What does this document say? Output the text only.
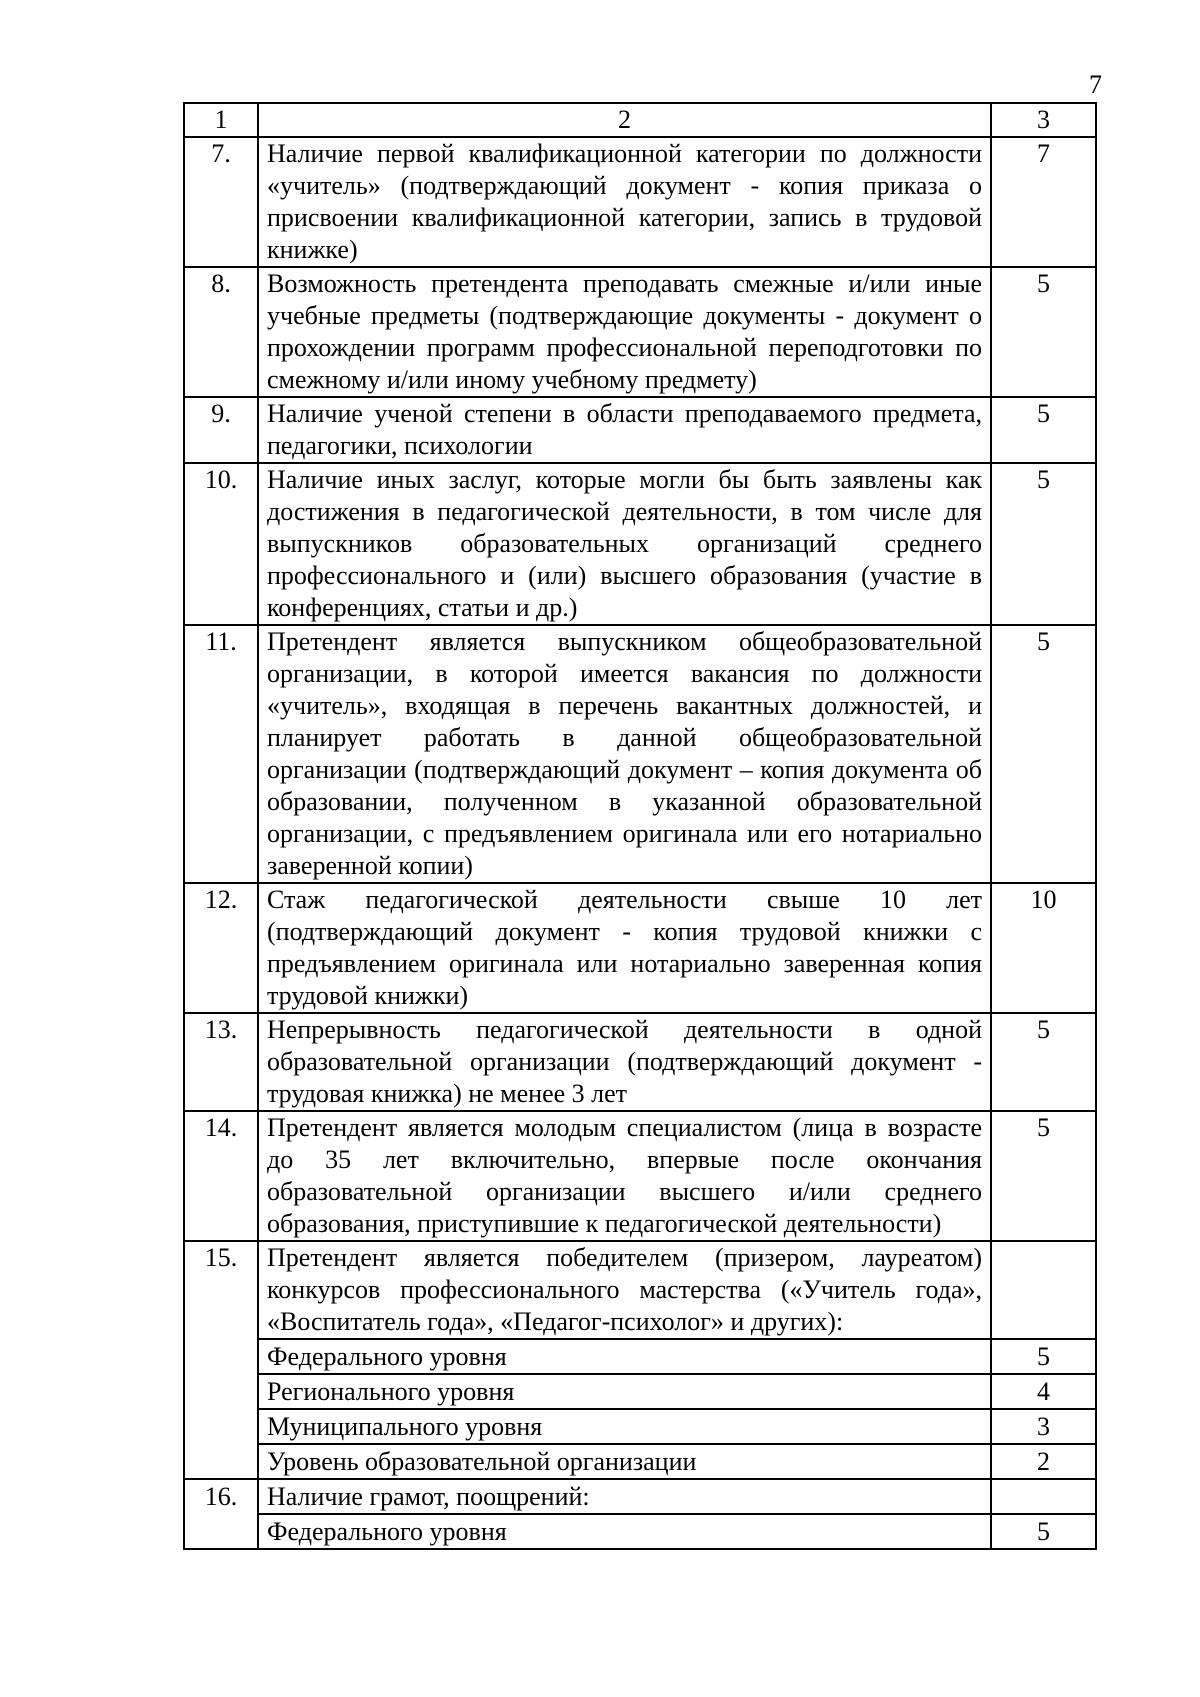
7
1	2	3
7.	Наличие первой квалификационной категории по должности «учитель» (подтверждающий документ - копия приказа о присвоении квалификационной категории, запись в трудовой книжке)	7
8.	Возможность претендента преподавать смежные и/или иные учебные предметы (подтверждающие документы - документ о прохождении программ профессиональной переподготовки по смежному и/или иному учебному предмету)	5
9.	Наличие ученой степени в области преподаваемого предмета, педагогики, психологии	5
10.	Наличие иных заслуг, которые могли бы быть заявлены как достижения в педагогической деятельности, в том числе для выпускников образовательных организаций среднего профессионального и (или) высшего образования (участие в конференциях, статьи и др.)	5
11.	Претендент является выпускником общеобразовательной организации, в которой имеется вакансия по должности «учитель», входящая в перечень вакантных должностей, и планирует работать в данной общеобразовательной организации (подтверждающий документ – копия документа об образовании, полученном в указанной образовательной организации, с предъявлением оригинала или его нотариально заверенной копии)	5
12.	Стаж педагогической деятельности свыше 10 лет (подтверждающий документ - копия трудовой книжки с предъявлением оригинала или нотариально заверенная копия трудовой книжки)	10
13.	Непрерывность педагогической деятельности в одной образовательной организации (подтверждающий документ - трудовая книжка) не менее 3 лет	5
14.	Претендент является молодым специалистом (лица в возрасте до 35 лет включительно, впервые после окончания образовательной организации высшего и/или среднего образования, приступившие к педагогической деятельности)	5
15.	Претендент является победителем (призером, лауреатом) конкурсов профессионального мастерства («Учитель года», «Воспитатель года», «Педагог-психолог» и других):	
	Федерального уровня	5
	Регионального уровня	4
	Муниципального уровня	3
	Уровень образовательной организации	2
16.	Наличие грамот, поощрений:	
	Федерального уровня	5
